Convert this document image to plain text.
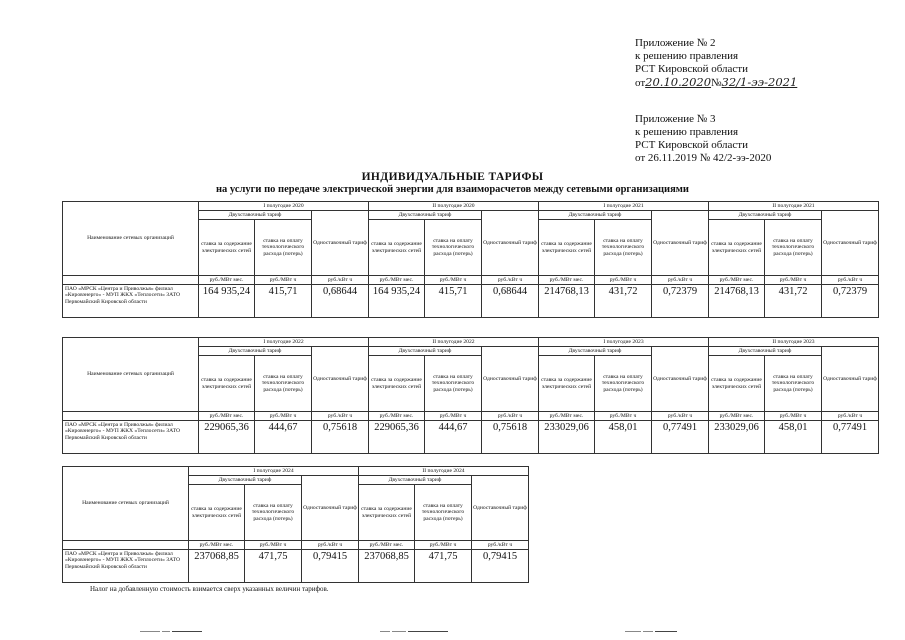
Приложение № 2
к решению правления
РСТ Кировской области
от20.10.2020№32/1-ээ-2021
Приложение № 3
к решению правления
РСТ Кировской области
от 26.11.2019 № 42/2-ээ-2020
ИНДИВИДУАЛЬНЫЕ ТАРИФЫ
на услуги по передаче электрической энергии для взаиморасчетов между сетевыми организациями
Наименование сетевых организаций	I полугодие 2020			II полугодие 2020			I полугодие 2021			II полугодие 2021		
	Двухставочный тариф		Одноставочный тариф	Двухставочный тариф		Одноставочный тариф	Двухставочный тариф		Одноставочный тариф	Двухставочный тариф		Одноставочный тариф
	ставка за содержание электрических сетей	ставка на оплату технологического расхода (потерь)		ставка за содержание электрических сетей	ставка на оплату технологического расхода (потерь)		ставка за содержание электрических сетей	ставка на оплату технологического расхода (потерь)		ставка за содержание электрических сетей	ставка на оплату технологического расхода (потерь)	
	руб./МВт мес.	руб./МВт ч	руб./кВт ч	руб./МВт мес.	руб./МВт ч	руб./кВт ч	руб./МВт мес.	руб./МВт ч	руб./кВт ч	руб./МВт мес.	руб./МВт ч	руб./кВт ч
ПАО «МРСК «Центра и Приволжья» филиал «Кировэнерго» - МУП ЖКХ «Теплосети» ЗАТО Первомайский Кировской области	164 935,24	415,71	0,68644	164 935,24	415,71	0,68644	214768,13	431,72	0,72379	214768,13	431,72	0,72379
Наименование сетевых организаций	I полугодие 2022			II полугодие 2022			I полугодие 2023			II полугодие 2023		
	Двухставочный тариф		Одноставочный тариф	Двухставочный тариф		Одноставочный тариф	Двухставочный тариф		Одноставочный тариф	Двухставочный тариф		Одноставочный тариф
	ставка за содержание электрических сетей	ставка на оплату технологического расхода (потерь)		ставка за содержание электрических сетей	ставка на оплату технологического расхода (потерь)		ставка за содержание электрических сетей	ставка на оплату технологического расхода (потерь)		ставка за содержание электрических сетей	ставка на оплату технологического расхода (потерь)	
	руб./МВт мес.	руб./МВт ч	руб./кВт ч	руб./МВт мес.	руб./МВт ч	руб./кВт ч	руб./МВт мес.	руб./МВт ч	руб./кВт ч	руб./МВт мес.	руб./МВт ч	руб./кВт ч
ПАО «МРСК «Центра и Приволжья» филиал «Кировэнерго» - МУП ЖКХ «Теплосети» ЗАТО Первомайский Кировской области	229065,36	444,67	0,75618	229065,36	444,67	0,75618	233029,06	458,01	0,77491	233029,06	458,01	0,77491
Наименование сетевых организаций	I полугодие 2024			II полугодие 2024		
	Двухставочный тариф		Одноставочный тариф	Двухставочный тариф		Одноставочный тариф
	ставка за содержание электрических сетей	ставка на оплату технологического расхода (потерь)		ставка за содержание электрических сетей	ставка на оплату технологического расхода (потерь)	
	руб./МВт мес.	руб./МВт ч	руб./кВт ч	руб./МВт мес.	руб./МВт ч	руб./кВт ч
ПАО «МРСК «Центра и Приволжья» филиал «Кировэнерго» - МУП ЖКХ «Теплосети» ЗАТО Первомайский Кировской области	237068,85	471,75	0,79415	237068,85	471,75	0,79415
Налог на добавленную стоимость взимается сверх указанных величин тарифов.
